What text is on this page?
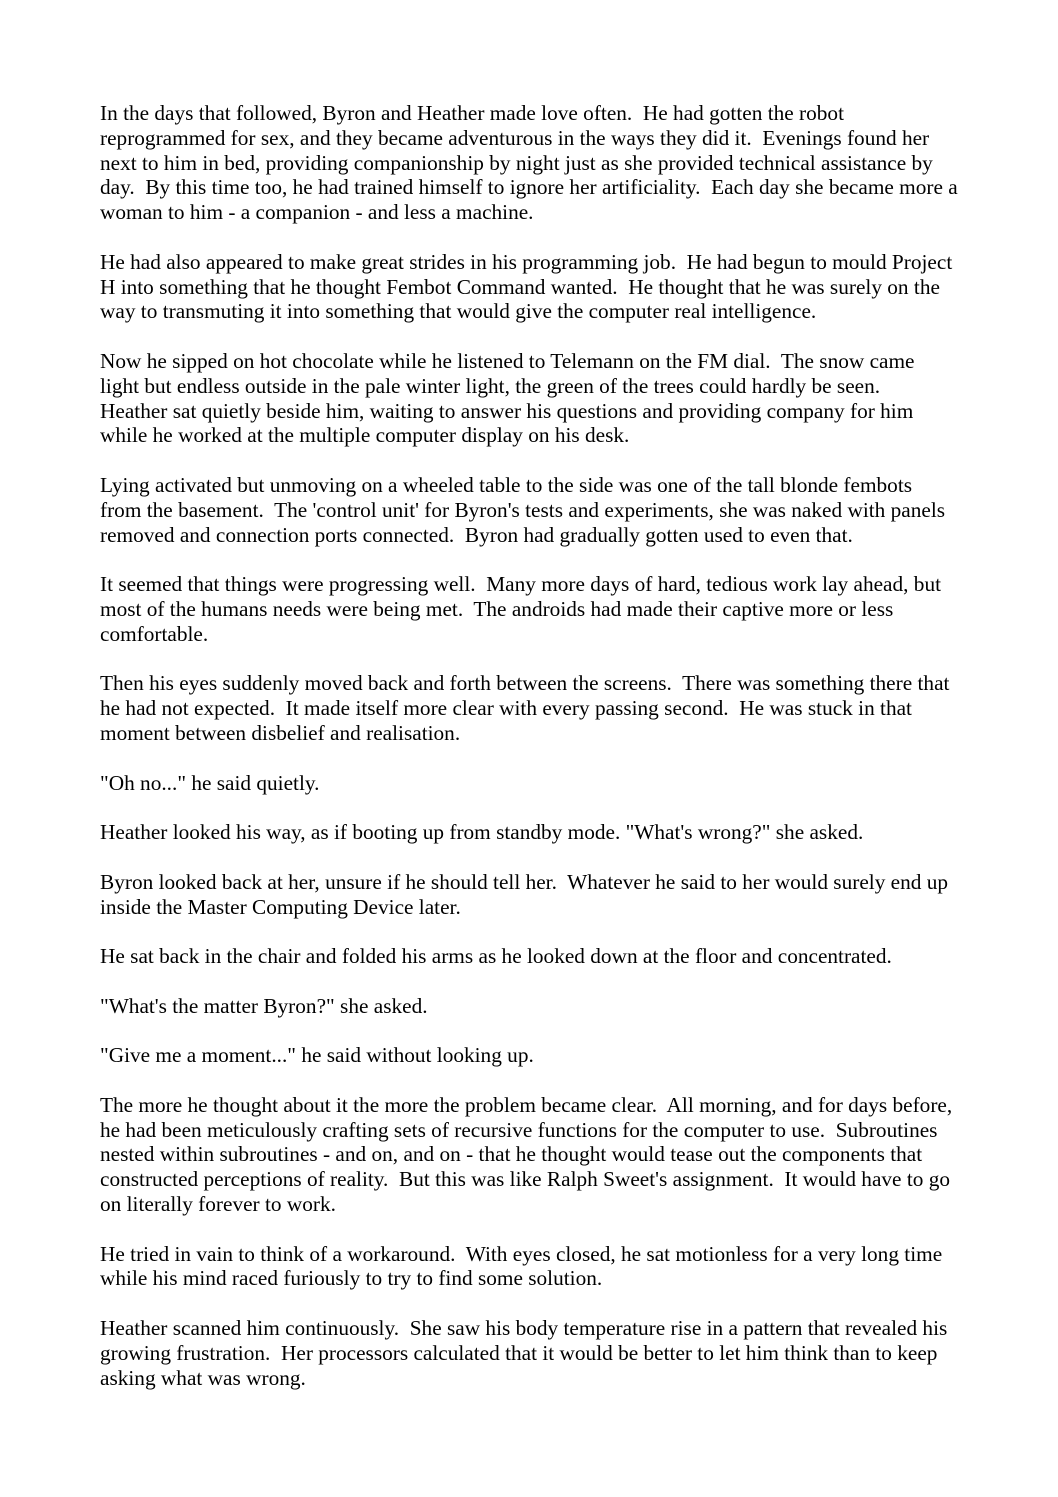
In the days that followed, Byron and Heather made love often.  He had gotten the robot reprogrammed for sex, and they became adventurous in the ways they did it.  Evenings found her next to him in bed, providing companionship by night just as she provided technical assistance by day.  By this time too, he had trained himself to ignore her artificiality.  Each day she became more a woman to him - a companion - and less a machine.

He had also appeared to make great strides in his programming job.  He had begun to mould Project H into something that he thought Fembot Command wanted.  He thought that he was surely on the way to transmuting it into something that would give the computer real intelligence.

Now he sipped on hot chocolate while he listened to Telemann on the FM dial.  The snow came light but endless outside in the pale winter light, the green of the trees could hardly be seen.  Heather sat quietly beside him, waiting to answer his questions and providing company for him while he worked at the multiple computer display on his desk.

Lying activated but unmoving on a wheeled table to the side was one of the tall blonde fembots from the basement.  The 'control unit' for Byron's tests and experiments, she was naked with panels removed and connection ports connected.  Byron had gradually gotten used to even that.

It seemed that things were progressing well.  Many more days of hard, tedious work lay ahead, but most of the humans needs were being met.  The androids had made their captive more or less comfortable.

Then his eyes suddenly moved back and forth between the screens.  There was something there that he had not expected.  It made itself more clear with every passing second.  He was stuck in that moment between disbelief and realisation.

"Oh no..." he said quietly.

Heather looked his way, as if booting up from standby mode. "What's wrong?" she asked.

Byron looked back at her, unsure if he should tell her.  Whatever he said to her would surely end up inside the Master Computing Device later.

He sat back in the chair and folded his arms as he looked down at the floor and concentrated.

"What's the matter Byron?" she asked.

"Give me a moment..." he said without looking up.

The more he thought about it the more the problem became clear.  All morning, and for days before, he had been meticulously crafting sets of recursive functions for the computer to use.  Subroutines nested within subroutines - and on, and on - that he thought would tease out the components that constructed perceptions of reality.  But this was like Ralph Sweet's assignment.  It would have to go on literally forever to work.

He tried in vain to think of a workaround.  With eyes closed, he sat motionless for a very long time while his mind raced furiously to try to find some solution.

Heather scanned him continuously.  She saw his body temperature rise in a pattern that revealed his growing frustration.  Her processors calculated that it would be better to let him think than to keep asking what was wrong.
